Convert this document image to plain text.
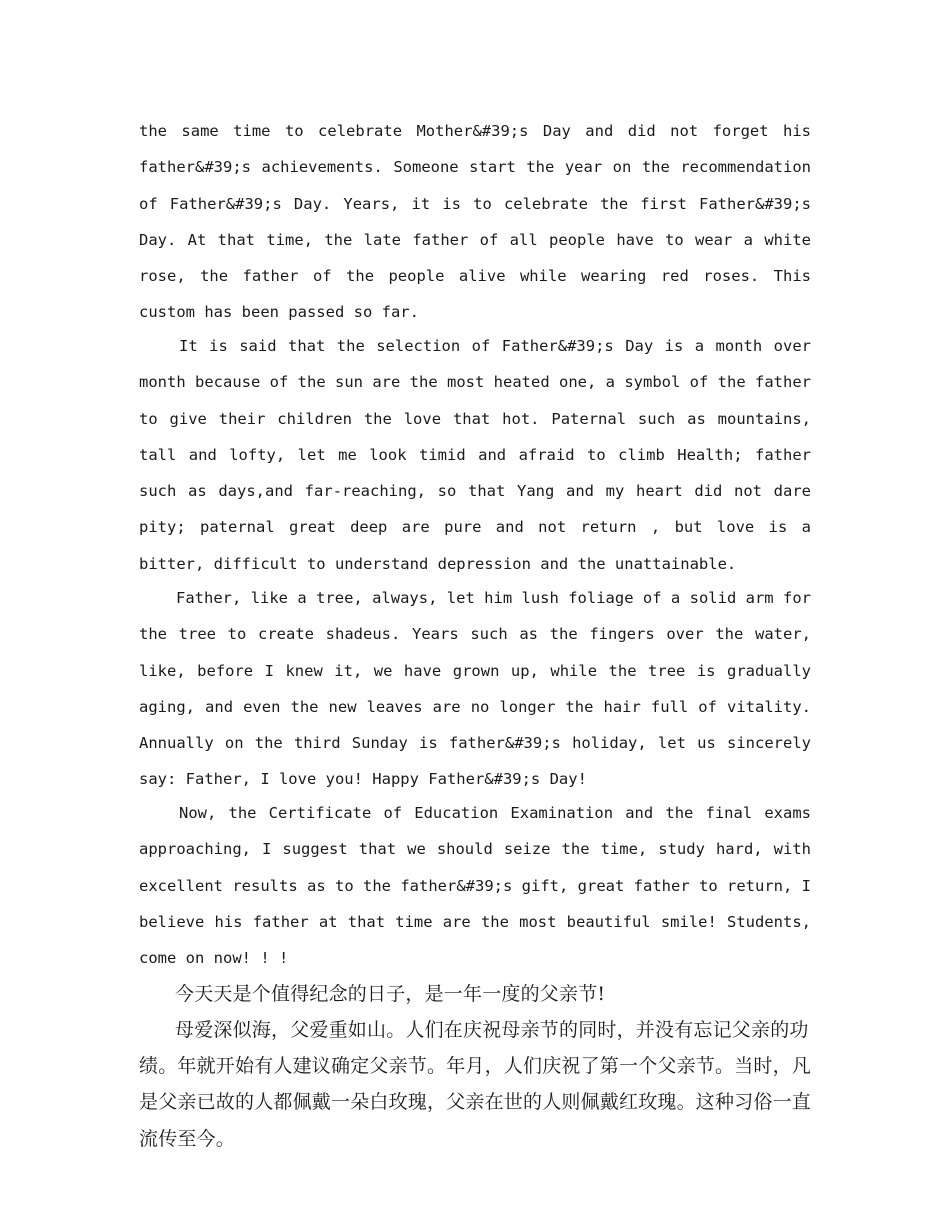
the same time to celebrate Mother&#39;s Day and did not forget his father&#39;s achievements. Someone start the year on the recommendation of Father&#39;s Day. Years, it is to celebrate the first Father&#39;s Day. At that time, the late father of all people have to wear a white rose, the father of the people alive while wearing red roses. This custom has been passed so far.

It is said that the selection of Father&#39;s Day is a month over month because of the sun are the most heated one, a symbol of the father to give their children the love that hot. Paternal such as mountains, tall and lofty, let me look timid and afraid to climb Health; father such as days,and far-reaching, so that Yang and my heart did not dare pity; paternal great deep are pure and not return , but love is a bitter, difficult to understand depression and the unattainable.

Father, like a tree, always, let him lush foliage of a solid arm for the tree to create shadeus. Years such as the fingers over the water, like, before I knew it, we have grown up, while the tree is gradually aging, and even the new leaves are no longer the hair full of vitality. Annually on the third Sunday is father&#39;s holiday, let us sincerely say: Father, I love you! Happy Father&#39;s Day!

Now, the Certificate of Education Examination and the final exams approaching, I suggest that we should seize the time, study hard, with excellent results as to the father&#39;s gift, great father to return, I believe his father at that time are the most beautiful smile! Students, come on now! ! !

今天天是个值得纪念的日子，是一年一度的父亲节!

母爱深似海，父爱重如山。人们在庆祝母亲节的同时，并没有忘记父亲的功绩。年就开始有人建议确定父亲节。年月，人们庆祝了第一个父亲节。当时，凡是父亲已故的人都佩戴一朵白玫瑰，父亲在世的人则佩戴红玫瑰。这种习俗一直流传至今。
